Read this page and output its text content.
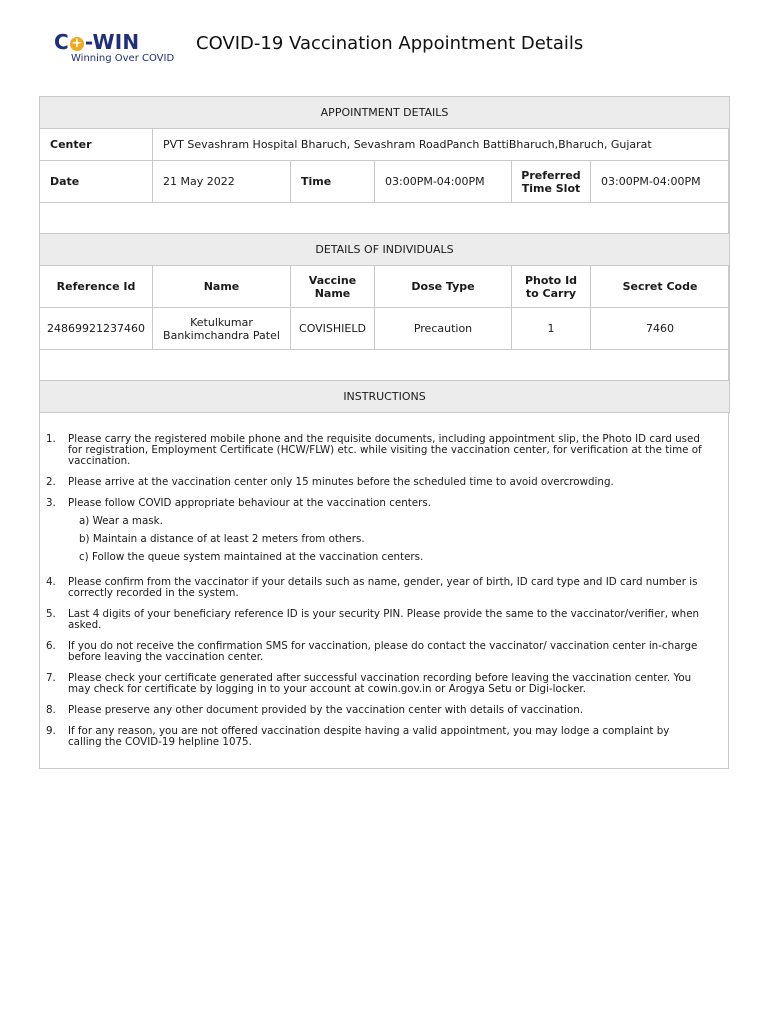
C + -WIN
Winning Over COVID
COVID-19 Vaccination Appointment Details
APPOINTMENT DETAILS					
Center	PVT Sevashram Hospital Bharuch, Sevashram RoadPanch BattiBharuch,Bharuch, Gujarat				
Date	21 May 2022	Time	03:00PM-04:00PM	Preferred Time Slot	03:00PM-04:00PM

DETAILS OF INDIVIDUALS					
Reference Id	Name	Vaccine Name	Dose Type	Photo Id to Carry	Secret Code
24869921237460	Ketulkumar Bankimchandra Patel	COVISHIELD	Precaution	1	7460

INSTRUCTIONS					
1. Please carry the registered mobile phone and the requisite documents, including appointment slip, the Photo ID card used for registration, Employment Certificate (HCW/FLW) etc. while visiting the vaccination center, for verification at the time of vaccination.
2. Please arrive at the vaccination center only 15 minutes before the scheduled time to avoid overcrowding.
3. Please follow COVID appropriate behaviour at the vaccination centers.
a) Wear a mask.
b) Maintain a distance of at least 2 meters from others.
c) Follow the queue system maintained at the vaccination centers.
4. Please confirm from the vaccinator if your details such as name, gender, year of birth, ID card type and ID card number is correctly recorded in the system.
5. Last 4 digits of your beneficiary reference ID is your security PIN. Please provide the same to the vaccinator/verifier, when asked.
6. If you do not receive the confirmation SMS for vaccination, please do contact the vaccinator/ vaccination center in-charge before leaving the vaccination center.
7. Please check your certificate generated after successful vaccination recording before leaving the vaccination center. You may check for certificate by logging in to your account at cowin.gov.in or Arogya Setu or Digi-locker.
8. Please preserve any other document provided by the vaccination center with details of vaccination.
9. If for any reason, you are not offered vaccination despite having a valid appointment, you may lodge a complaint by calling the COVID-19 helpline 1075.
